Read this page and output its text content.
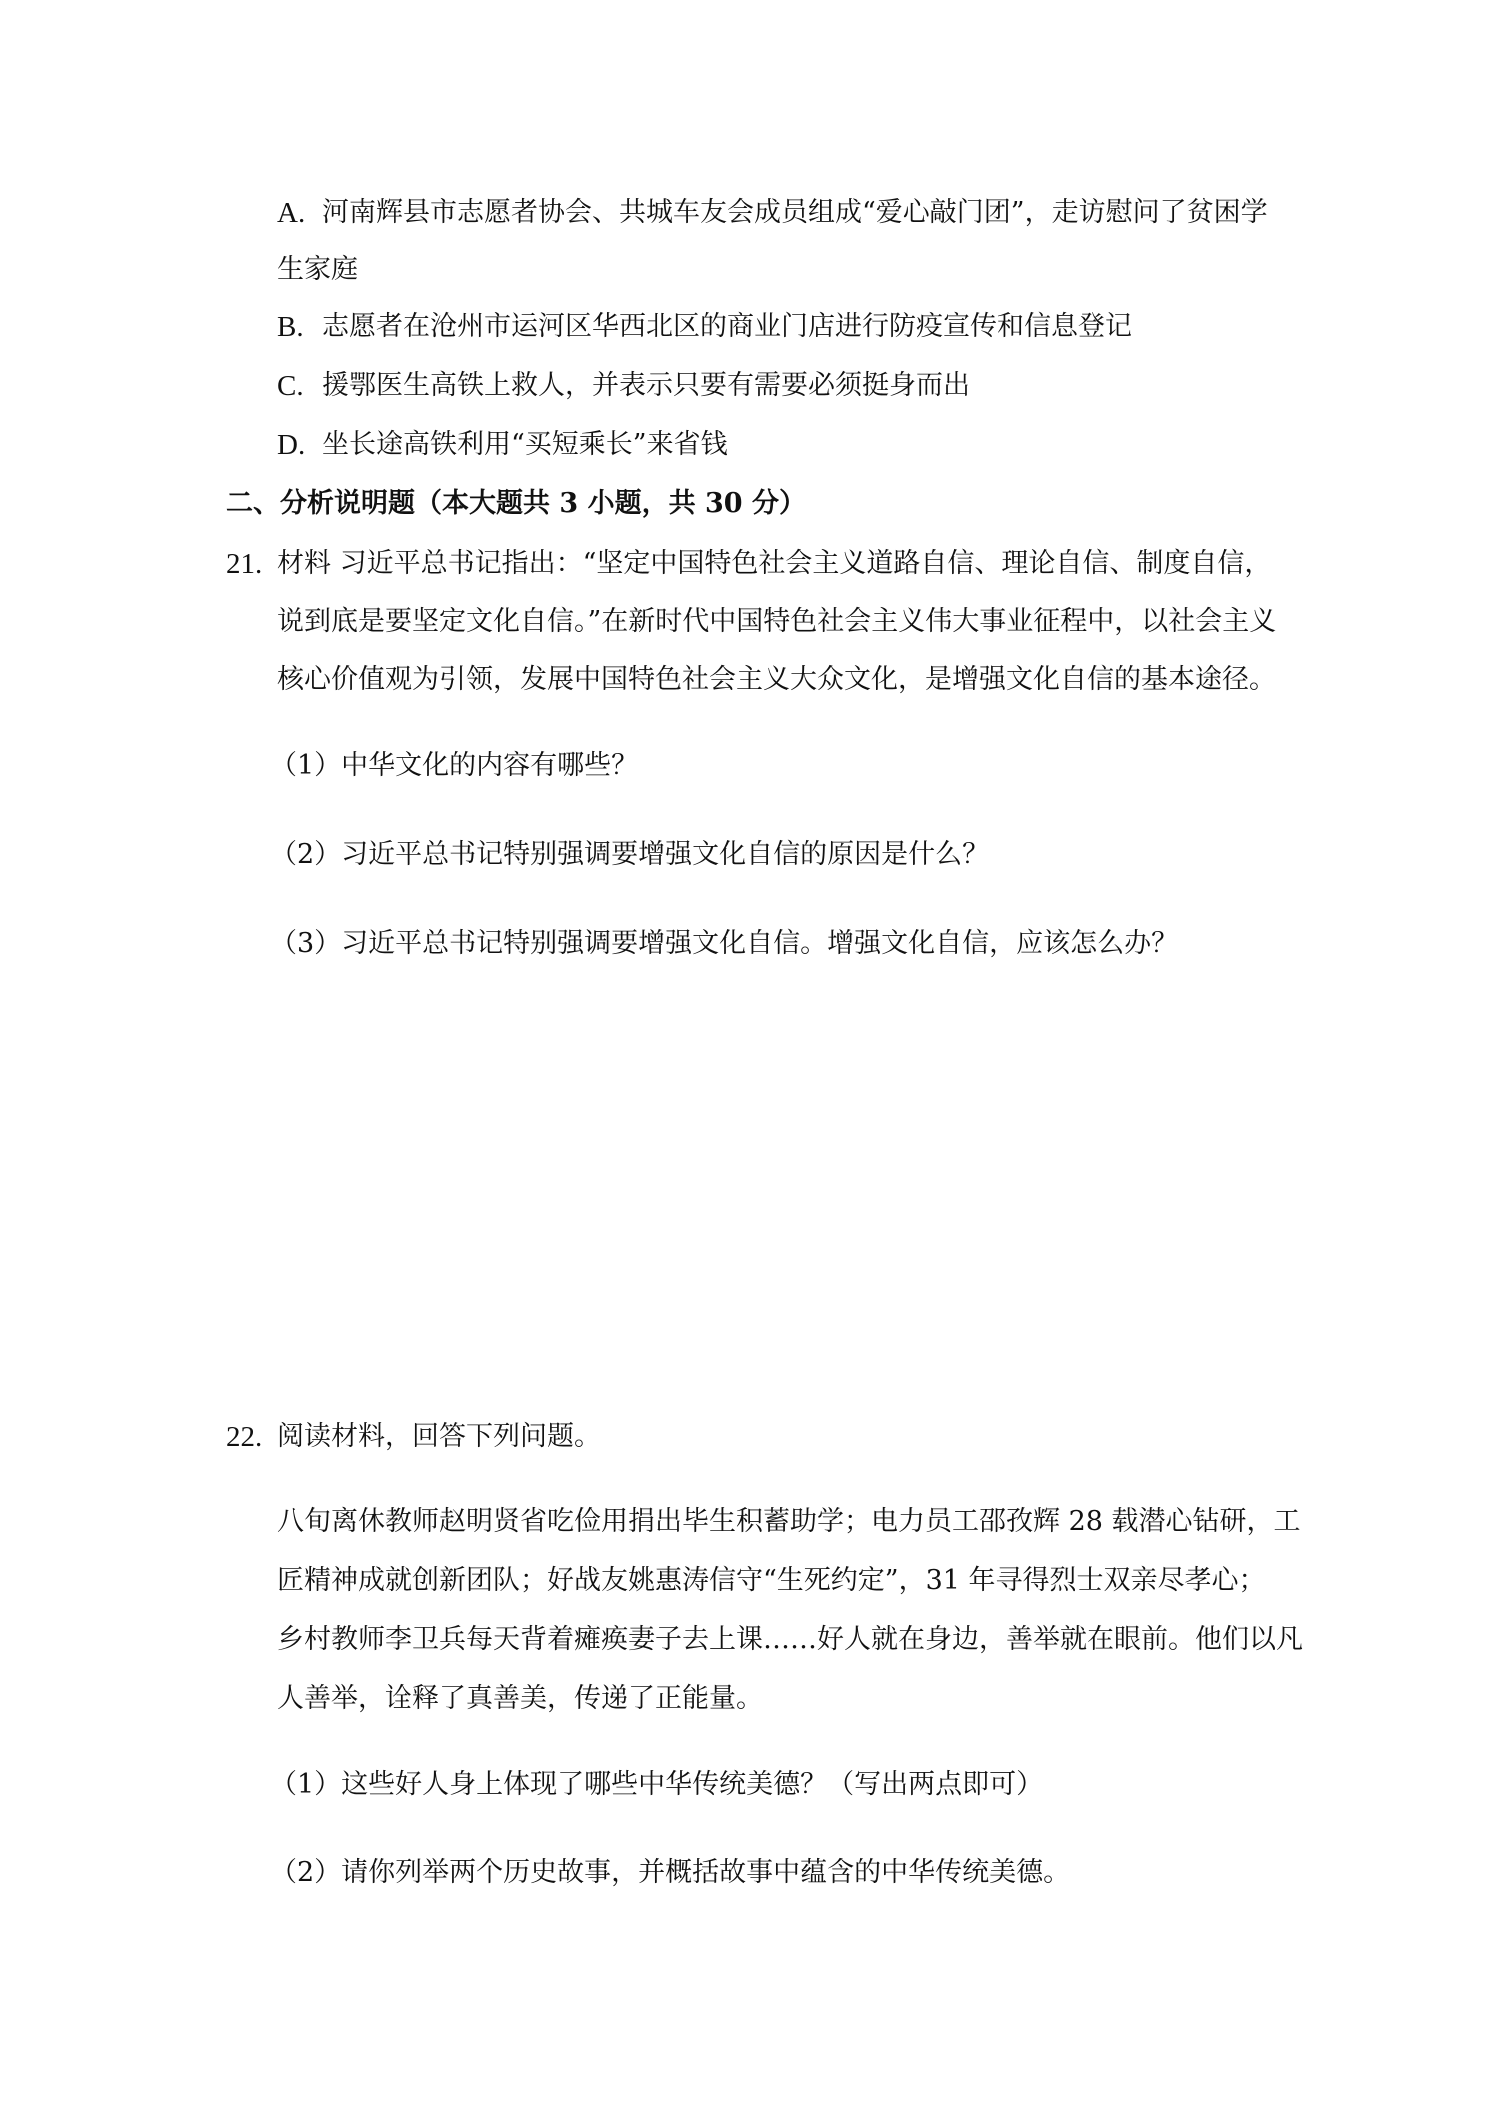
A. 河南辉县市志愿者协会、共城车友会成员组成“爱心敲门团”，走访慰问了贫困学
生家庭
B. 志愿者在沧州市运河区华西北区的商业门店进行防疫宣传和信息登记
C. 援鄂医生高铁上救人，并表示只要有需要必须挺身而出
D. 坐长途高铁利用“买短乘长”来省钱
二、分析说明题（本大题共 3 小题，共 30 分）
21. 材料 习近平总书记指出：“坚定中国特色社会主义道路自信、理论自信、制度自信，
说到底是要坚定文化自信。”在新时代中国特色社会主义伟大事业征程中，以社会主义
核心价值观为引领，发展中国特色社会主义大众文化，是增强文化自信的基本途径。
（1）中华文化的内容有哪些？
（2）习近平总书记特别强调要增强文化自信的原因是什么？
（3）习近平总书记特别强调要增强文化自信。增强文化自信，应该怎么办？
22. 阅读材料，回答下列问题。
八旬离休教师赵明贤省吃俭用捐出毕生积蓄助学；电力员工邵孜辉 28 载潜心钻研，工
匠精神成就创新团队；好战友姚惠涛信守“生死约定”，31 年寻得烈士双亲尽孝心；
乡村教师李卫兵每天背着瘫痪妻子去上课……好人就在身边，善举就在眼前。他们以凡
人善举，诠释了真善美，传递了正能量。
（1）这些好人身上体现了哪些中华传统美德？（写出两点即可）
（2）请你列举两个历史故事，并概括故事中蕴含的中华传统美德。
